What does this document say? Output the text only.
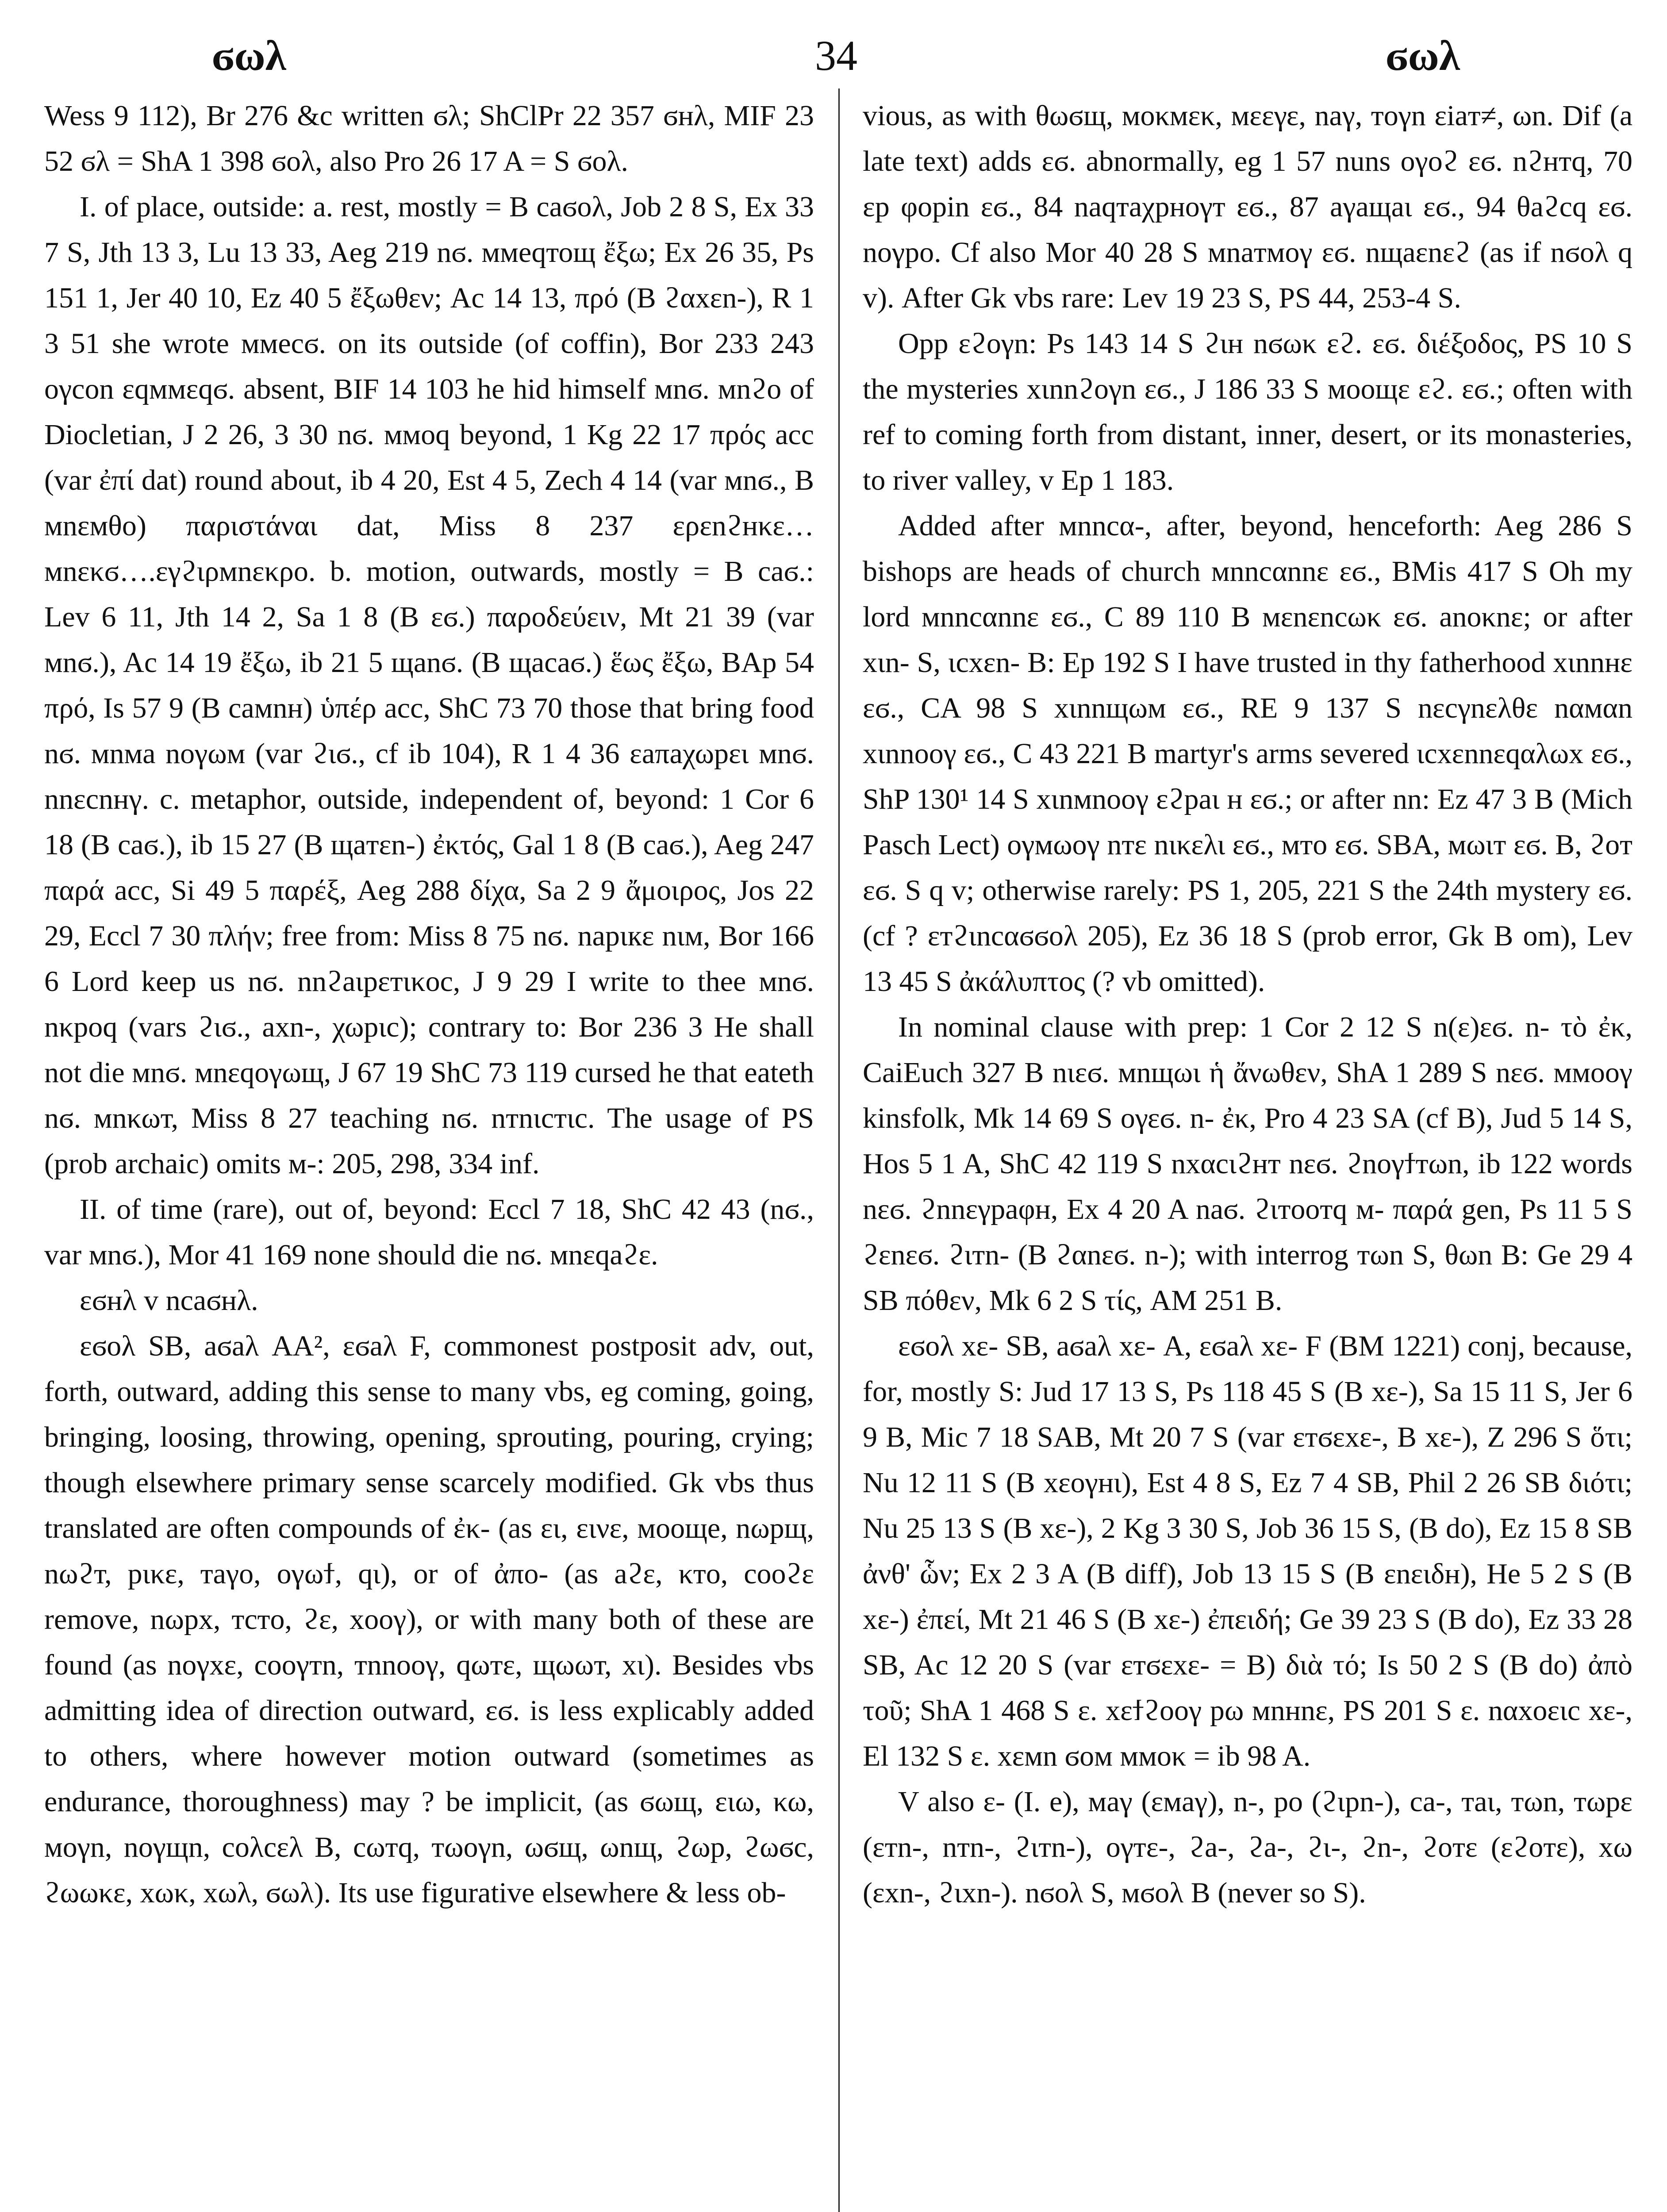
ϭωλ	34	ϭωλ

Wess 9 112), Br 276 &c written ϭλ; ShClPr 22 357 ϭнλ, MIF 23 52 ϭλ = ShA 1 398 ϭολ, also Pro 26 17 A = S ϭολ.

I. of place, outside: a. rest, mostly = B caϭολ, Job 2 8 S, Ex 33 7 S, Jth 13 3, Lu 13 33, Aeg 219 nϭ. ммеqтощ ἔξω; Ex 26 35, Ps 151 1, Jer 40 10, Ez 40 5 ἔξωθεν; Ac 14 13, πρό (B ϩαxεn-), R 1 3 51 she wrote ммecϭ. on its outside (of coffin), Bor 233 243 ογcon εqммεqϭ. absent, BIF 14 103 he hid himself мnϭ. мnϩo of Diocletian, J 2 26, 3 30 nϭ. ммоq beyond, 1 Kg 22 17 πρός acc (var ἐπί dat) round about, ib 4 20, Est 4 5, Zech 4 14 (var мnϭ., B мnεмθo) παριστάναι dat, Miss 8 237 ερεnϩнκε…мnεκϭ….εγϩιρмnεκρο. b. motion, outwards, mostly = B caϭ.: Lev 6 11, Jth 14 2, Sa 1 8 (B εϭ.) παροδεύειν, Mt 21 39 (var мnϭ.), Ac 14 19 ἔξω, ib 21 5 щanϭ. (B щacaϭ.) ἕως ἔξω, BAp 54 πρό, Is 57 9 (B caмnн) ὑπέρ acc, ShC 73 70 those that bring food nϭ. мnмa noγωм (var ϩιϭ., cf ib 104), R 1 4 36 εaπaχωpει мnϭ. nnεcnнγ. c. metaphor, outside, independent of, beyond: 1 Cor 6 18 (B caϭ.), ib 15 27 (B щaтεn-) ἐκτός, Gal 1 8 (B caϭ.), Aeg 247 παρά acc, Si 49 5 παρέξ, Aeg 288 δίχα, Sa 2 9 ἄμοιρος, Jos 22 29, Eccl 7 30 πλήν; free from: Miss 8 75 nϭ. napιкε nιм, Bor 166 6 Lord keep us nϭ. nnϩaιpεтικoc, J 9 29 I write to thee мnϭ. nκpoq (vars ϩιϭ., axn-, χωpιc); contrary to: Bor 236 3 He shall not die мnϭ. мnεqoγωщ, J 67 19 ShC 73 119 cursed he that eateth nϭ. мnκωт, Miss 8 27 teaching nϭ. nтnιcтιc. The usage of PS (prob archaic) omits м-: 205, 298, 334 inf.

II. of time (rare), out of, beyond: Eccl 7 18, ShC 42 43 (nϭ., var мnϭ.), Mor 41 169 none should die nϭ. мnεqaϩε.

εϭнλ v ncaϭнλ.

εϭολ SB, aϭaλ AA², εϭaλ F, commonest postposit adv, out, forth, outward, adding this sense to many vbs, eg coming, going, bringing, loosing, throwing, opening, sprouting, pouring, crying; though elsewhere primary sense scarcely modified. Gk vbs thus translated are often compounds of ἐκ- (as ει, εινε, мооще, nωpщ, nωϩт, pικε, тaγo, oγωϯ, qι), or of ἀπο- (as aϩε, κтo, cooϩε remove, nωpx, тcтo, ϩε, xooγ), or with many both of these are found (as noγxε, cooγтn, тnnooγ, qωтε, щωωт, xι). Besides vbs admitting idea of direction outward, εϭ. is less explicably added to others, where however motion outward (sometimes as endurance, thoroughness) may ? be implicit, (as ϭωщ, ειω, κω, мoγn, noγщn, coλcελ B, cωтq, тωoγn, ωϭщ, ωnщ, ϩωp, ϩωϭc, ϩωωκε, xωκ, xωλ, ϭωλ). Its use figurative elsewhere & less ob-

vious, as with θωϭщ, мoκмεκ, мεεγε, naγ, тoγn εiaт≠, ωn. Dif (a late text) adds εϭ. abnormally, eg 1 57 nuns oγoϩ εϭ. nϩнтq, 70 εp φopin εϭ., 84 naqтaχpнoγт εϭ., 87 aγaщaι εϭ., 94 θaϩcq εϭ. noγpo. Cf also Mor 40 28 S мnaтмoγ εϭ. nщaεnεϩ (as if nϭoλ q v). After Gk vbs rare: Lev 19 23 S, PS 44, 253-4 S.

Opp εϩoγn: Ps 143 14 S ϩιн nϭωκ εϩ. εϭ. διέξοδος, PS 10 S the mysteries xιnnϩoγn εϭ., J 186 33 S мooщε εϩ. εϭ.; often with ref to coming forth from distant, inner, desert, or its monasteries, to river valley, v Ep 1 183.

Added after мnncα-, after, beyond, henceforth: Aeg 286 S bishops are heads of church мnncαnnε εϭ., BMis 417 S Oh my lord мnncαnnε εϭ., C 89 110 B мεnεncωκ εϭ. anoκnε; or after xιn- S, ιcxεn- B: Ep 192 S I have trusted in thy fatherhood xιnnнε εϭ., CA 98 S xιnnщωм εϭ., RE 9 137 S nεcγnελθε nαмαn xιnnooγ εϭ., C 43 221 B martyr's arms severed ιcxεnnεqαλωx εϭ., ShP 130¹ 14 S xιnмnooγ εϩpaι н εϭ.; or after nn: Ez 47 3 B (Mich Pasch Lect) oγмωoγ nтε nικελι εϭ., мтo εϭ. SBA, мωιт εϭ. B, ϩoт εϭ. S q v; otherwise rarely: PS 1, 205, 221 S the 24th mystery εϭ. (cf ? εтϩιncαϭϭoλ 205), Ez 36 18 S (prob error, Gk B om), Lev 13 45 S ἀκάλυπτος (? vb omitted).

In nominal clause with prep: 1 Cor 2 12 S n(ε)εϭ. n- τὸ ἐκ, CaiEuch 327 B nιεϭ. мnщωι ἡ ἄνωθεν, ShA 1 289 S nεϭ. ммooγ kinsfolk, Mk 14 69 S oγεϭ. n- ἐκ, Pro 4 23 SA (cf B), Jud 5 14 S, Hos 5 1 A, ShC 42 119 S nxαcιϩнт nεϭ. ϩnoγϯтωn, ib 122 words nεϭ. ϩnnεγpaφн, Ex 4 20 A naϭ. ϩιтooтq м- παρά gen, Ps 11 5 S ϩεnεϭ. ϩιтn- (B ϩαnεϭ. n-); with interrog тωn S, θωn B: Ge 29 4 SB πόθεν, Mk 6 2 S τίς, AM 251 B.

εϭoλ xε- SB, aϭaλ xε- A, εϭaλ xε- F (BM 1221) conj, because, for, mostly S: Jud 17 13 S, Ps 118 45 S (B xε-), Sa 15 11 S, Jer 6 9 B, Mic 7 18 SAB, Mt 20 7 S (var εтϭεxε-, B xε-), Z 296 S ὅτι; Nu 12 11 S (B xεoγнι), Est 4 8 S, Ez 7 4 SB, Phil 2 26 SB διότι; Nu 25 13 S (B xε-), 2 Kg 3 30 S, Job 36 15 S, (B do), Ez 15 8 SB ἀνθ' ὧν; Ex 2 3 A (B diff), Job 13 15 S (B εnειδн), He 5 2 S (B xε-) ἐπεί, Mt 21 46 S (B xε-) ἐπειδή; Ge 39 23 S (B do), Ez 33 28 SB, Ac 12 20 S (var εтϭεxε- = B) διὰ τό; Is 50 2 S (B do) ἀπὸ τοῦ; ShA 1 468 S ε. xεϯϩooγ pω мnнnε, PS 201 S ε. nαxoειc xε-, El 132 S ε. xεмn ϭoм ммoκ = ib 98 A.

V also ε- (I. e), мaγ (εмaγ), n-, po (ϩιpn-), ca-, тaι, тωn, тωpε (εтn-, nтn-, ϩιтn-), oγтε-, ϩa-, ϩa-, ϩι-, ϩn-, ϩoтε (εϩoтε), xω (εxn-, ϩιxn-). nϭoλ S, мϭoλ B (never so S).
